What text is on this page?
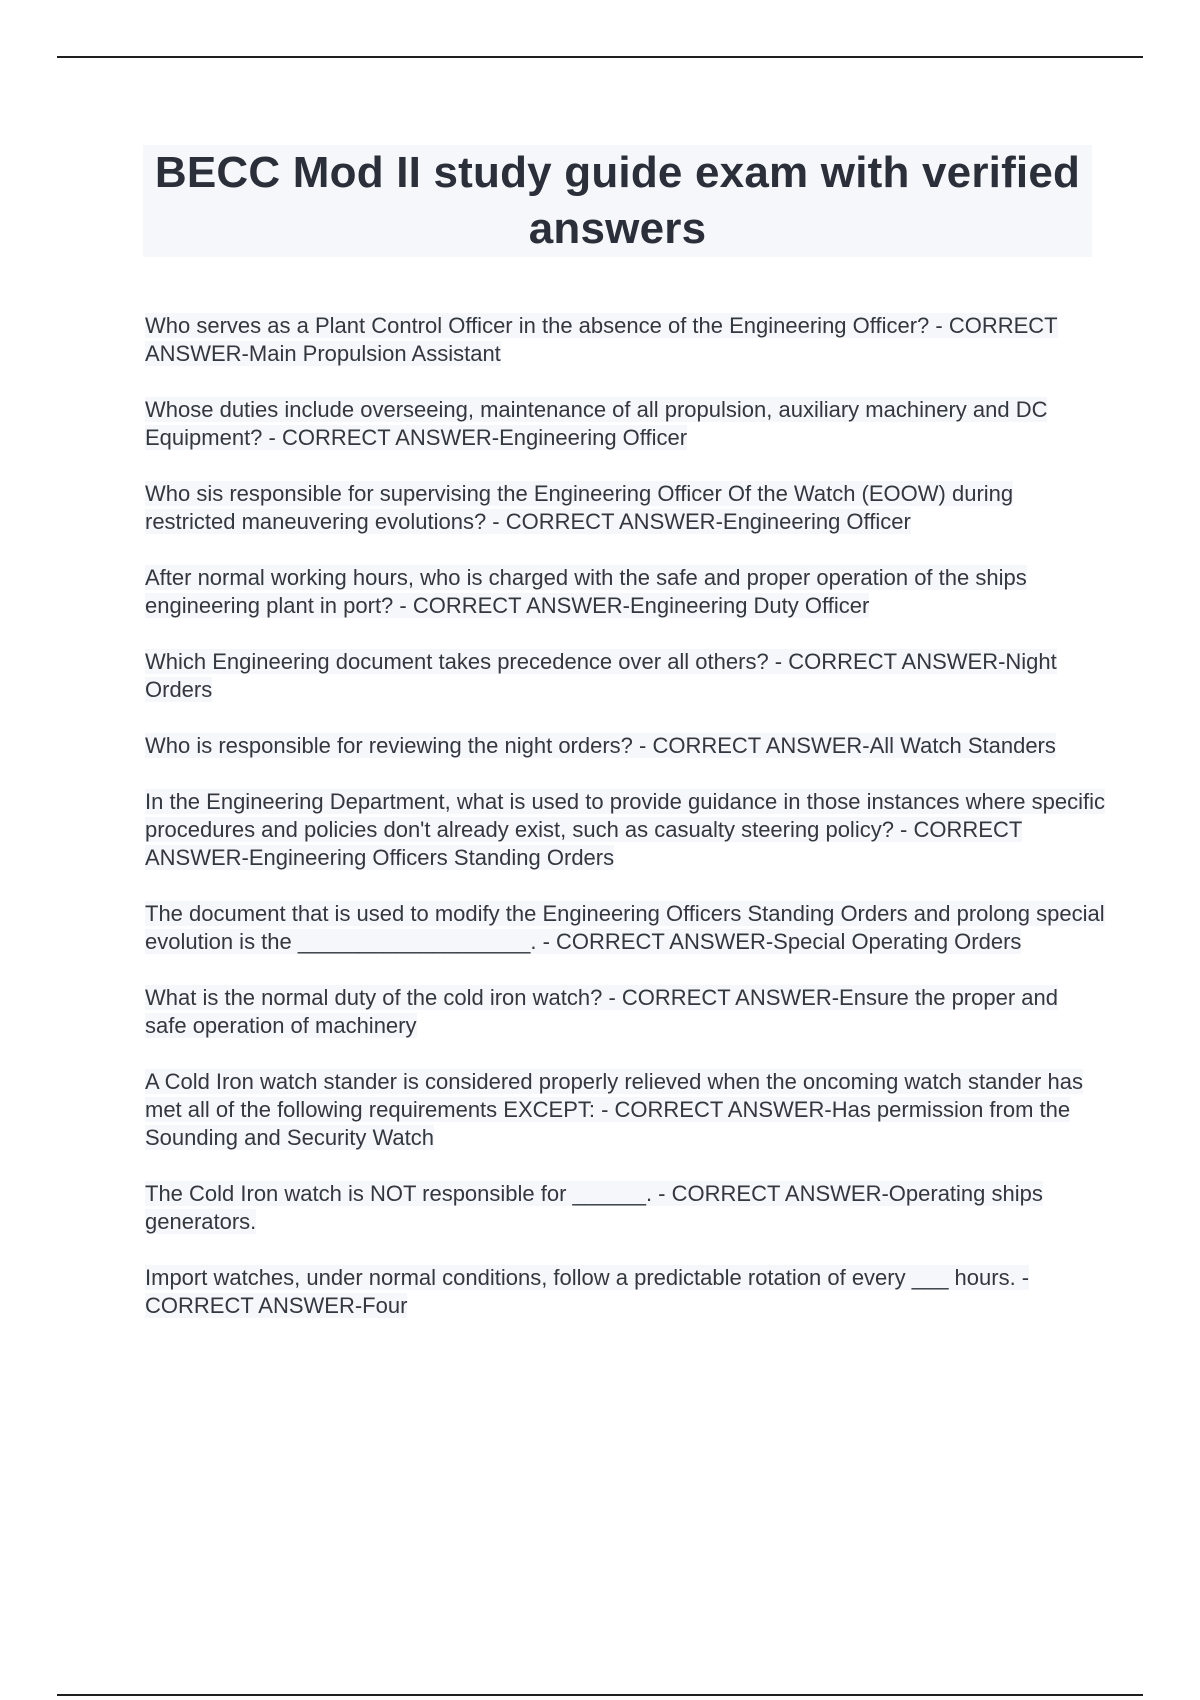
BECC Mod II study guide exam with verified answers
Who serves as a Plant Control Officer in the absence of the Engineering Officer? - CORRECT ANSWER-Main Propulsion Assistant
Whose duties include overseeing, maintenance of all propulsion, auxiliary machinery and DC Equipment? - CORRECT ANSWER-Engineering Officer
Who sis responsible for supervising the Engineering Officer Of the Watch (EOOW) during restricted maneuvering evolutions? - CORRECT ANSWER-Engineering Officer
After normal working hours, who is charged with the safe and proper operation of the ships engineering plant in port? - CORRECT ANSWER-Engineering Duty Officer
Which Engineering document takes precedence over all others? - CORRECT ANSWER-Night Orders
Who is responsible for reviewing the night orders? - CORRECT ANSWER-All Watch Standers
In the Engineering Department, what is used to provide guidance in those instances where specific procedures and policies don't already exist, such as casualty steering policy? - CORRECT ANSWER-Engineering Officers Standing Orders
The document that is used to modify the Engineering Officers Standing Orders and prolong special evolution is the ___________________. - CORRECT ANSWER-Special Operating Orders
What is the normal duty of the cold iron watch? - CORRECT ANSWER-Ensure the proper and safe operation of machinery
A Cold Iron watch stander is considered properly relieved when the oncoming watch stander has met all of the following requirements EXCEPT: - CORRECT ANSWER-Has permission from the Sounding and Security Watch
The Cold Iron watch is NOT responsible for ______. - CORRECT ANSWER-Operating ships generators.
Import watches, under normal conditions, follow a predictable rotation of every ___ hours. - CORRECT ANSWER-Four
